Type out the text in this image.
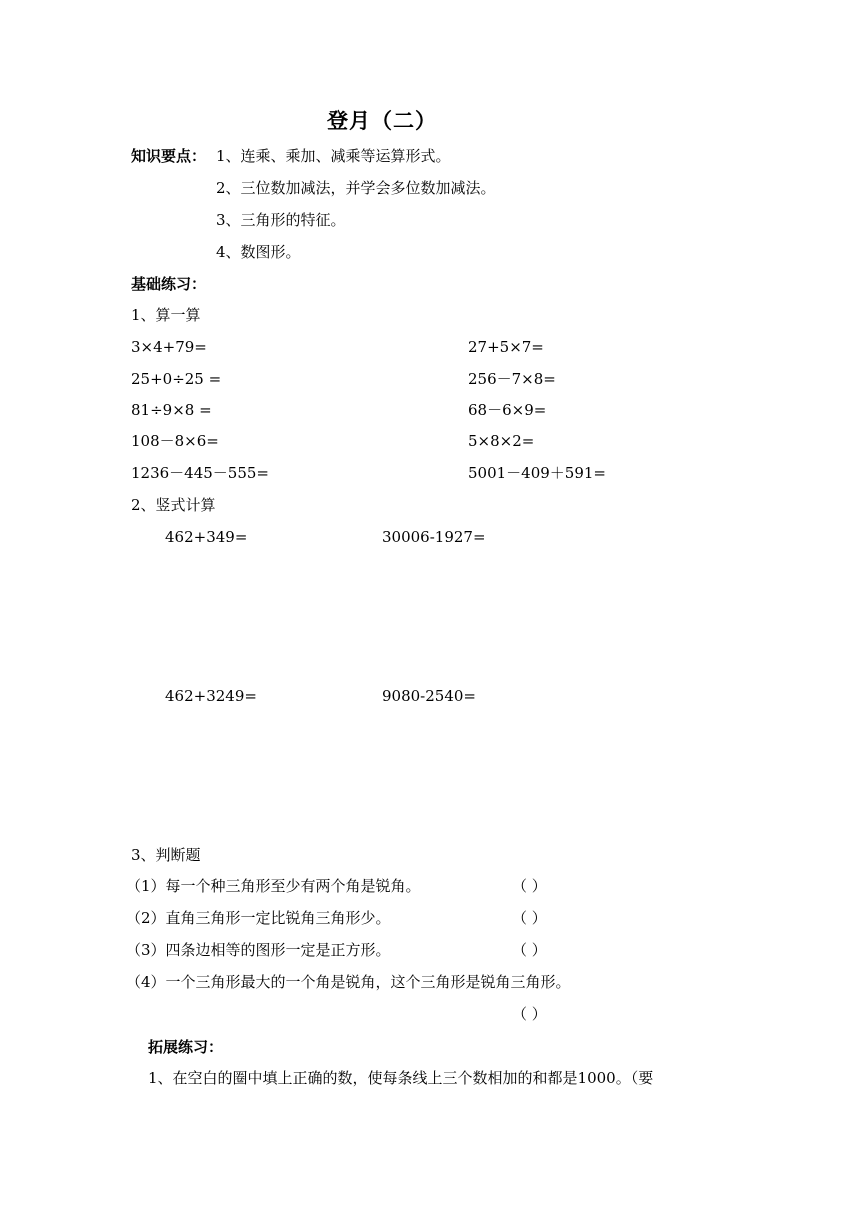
登月（二）
知识要点： 1、连乘、乘加、减乘等运算形式。
2、三位数加减法，并学会多位数加减法。
3、三角形的特征。
4、数图形。
基础练习：
1、算一算
3×4+79=	27+5×7=
25+0÷25 =	256－7×8=
81÷9×8 =	68－6×9=
108－8×6=	5×8×2=
1236－445－555=	5001－409＋591=
2、竖式计算
462+349=	30006-1927=
462+3249=	9080-2540=
3、判断题
（1）每一个种三角形至少有两个角是锐角。	（ ）
（2）直角三角形一定比锐角三角形少。	（ ）
（3）四条边相等的图形一定是正方形。	（ ）
（4）一个三角形最大的一个角是锐角，这个三角形是锐角三角形。
（ ）
拓展练习：
1、在空白的圈中填上正确的数，使每条线上三个数相加的和都是1000。（要
